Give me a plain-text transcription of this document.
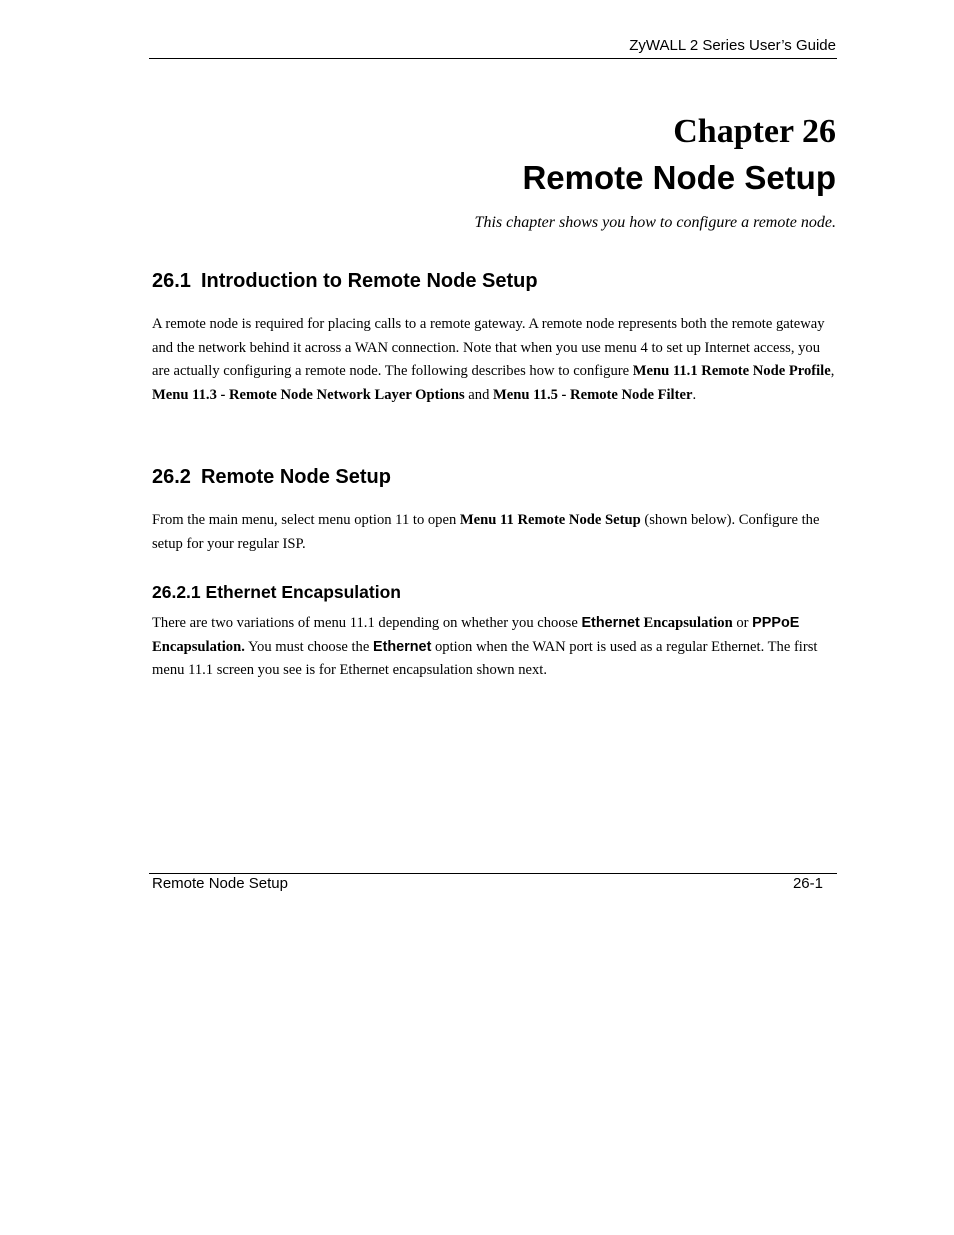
ZyWALL 2 Series User’s Guide
Chapter 26
Remote Node Setup
This chapter shows you how to configure a remote node.
26.1 Introduction to Remote Node Setup

A remote node is required for placing calls to a remote gateway. A remote node represents both the remote gateway and the network behind it across a WAN connection. Note that when you use menu 4 to set up Internet access, you are actually configuring a remote node. The following describes how to configure Menu 11.1 Remote Node Profile, Menu 11.3 - Remote Node Network Layer Options and Menu 11.5 - Remote Node Filter.

26.2 Remote Node Setup

From the main menu, select menu option 11 to open Menu 11 Remote Node Setup (shown below). Configure the setup for your regular ISP.

26.2.1 Ethernet Encapsulation

There are two variations of menu 11.1 depending on whether you choose Ethernet Encapsulation or PPPoE Encapsulation. You must choose the Ethernet option when the WAN port is used as a regular Ethernet. The first menu 11.1 screen you see is for Ethernet encapsulation shown next.

Remote Node Setup	26-1
